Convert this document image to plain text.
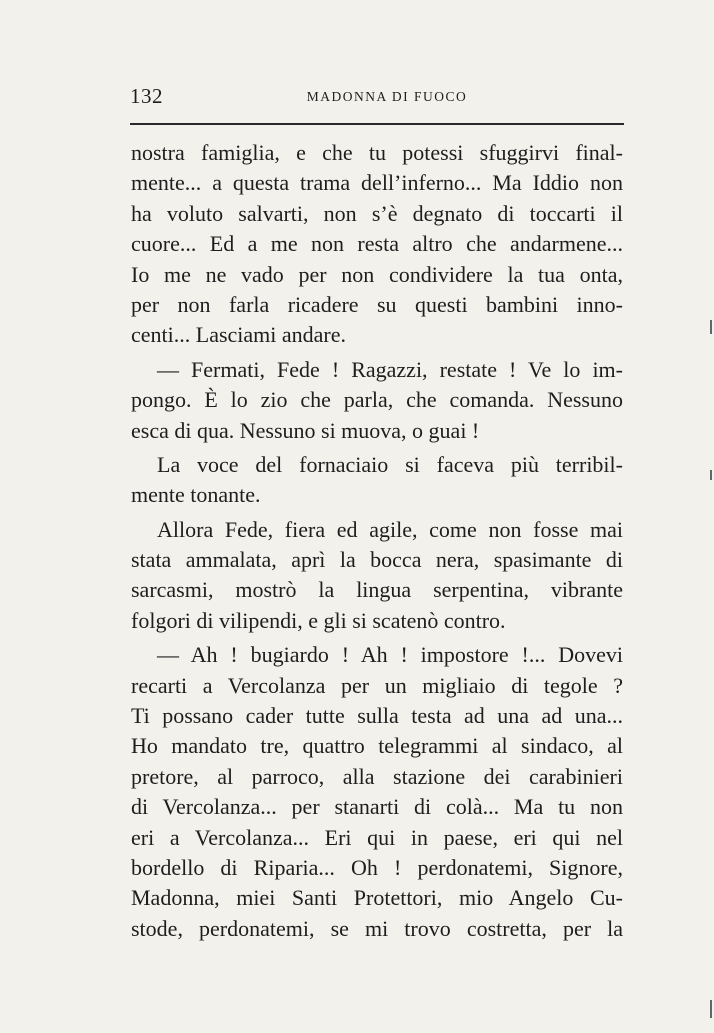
132	MADONNA DI FUOCO
nostra famiglia, e che tu potessi sfuggirvi final-
mente... a questa trama dell’inferno... Ma Iddio non
ha voluto salvarti, non s’è degnato di toccarti il
cuore... Ed a me non resta altro che andarmene...
Io me ne vado per non condividere la tua onta,
per non farla ricadere su questi bambini inno-
centi... Lasciami andare.
— Fermati, Fede ! Ragazzi, restate ! Ve lo im-
pongo. È lo zio che parla, che comanda. Nessuno
esca di qua. Nessuno si muova, o guai !
La voce del fornaciaio si faceva più terribil-
mente tonante.
Allora Fede, fiera ed agile, come non fosse mai
stata ammalata, aprì la bocca nera, spasimante di
sarcasmi, mostrò la lingua serpentina, vibrante
folgori di vilipendi, e gli si scatenò contro.
— Ah ! bugiardo ! Ah ! impostore !... Dovevi
recarti a Vercolanza per un migliaio di tegole ?
Ti possano cader tutte sulla testa ad una ad una...
Ho mandato tre, quattro telegrammi al sindaco, al
pretore, al parroco, alla stazione dei carabinieri
di Vercolanza... per stanarti di colà... Ma tu non
eri a Vercolanza... Eri qui in paese, eri qui nel
bordello di Riparia... Oh ! perdonatemi, Signore,
Madonna, miei Santi Protettori, mio Angelo Cu-
stode, perdonatemi, se mi trovo costretta, per la
